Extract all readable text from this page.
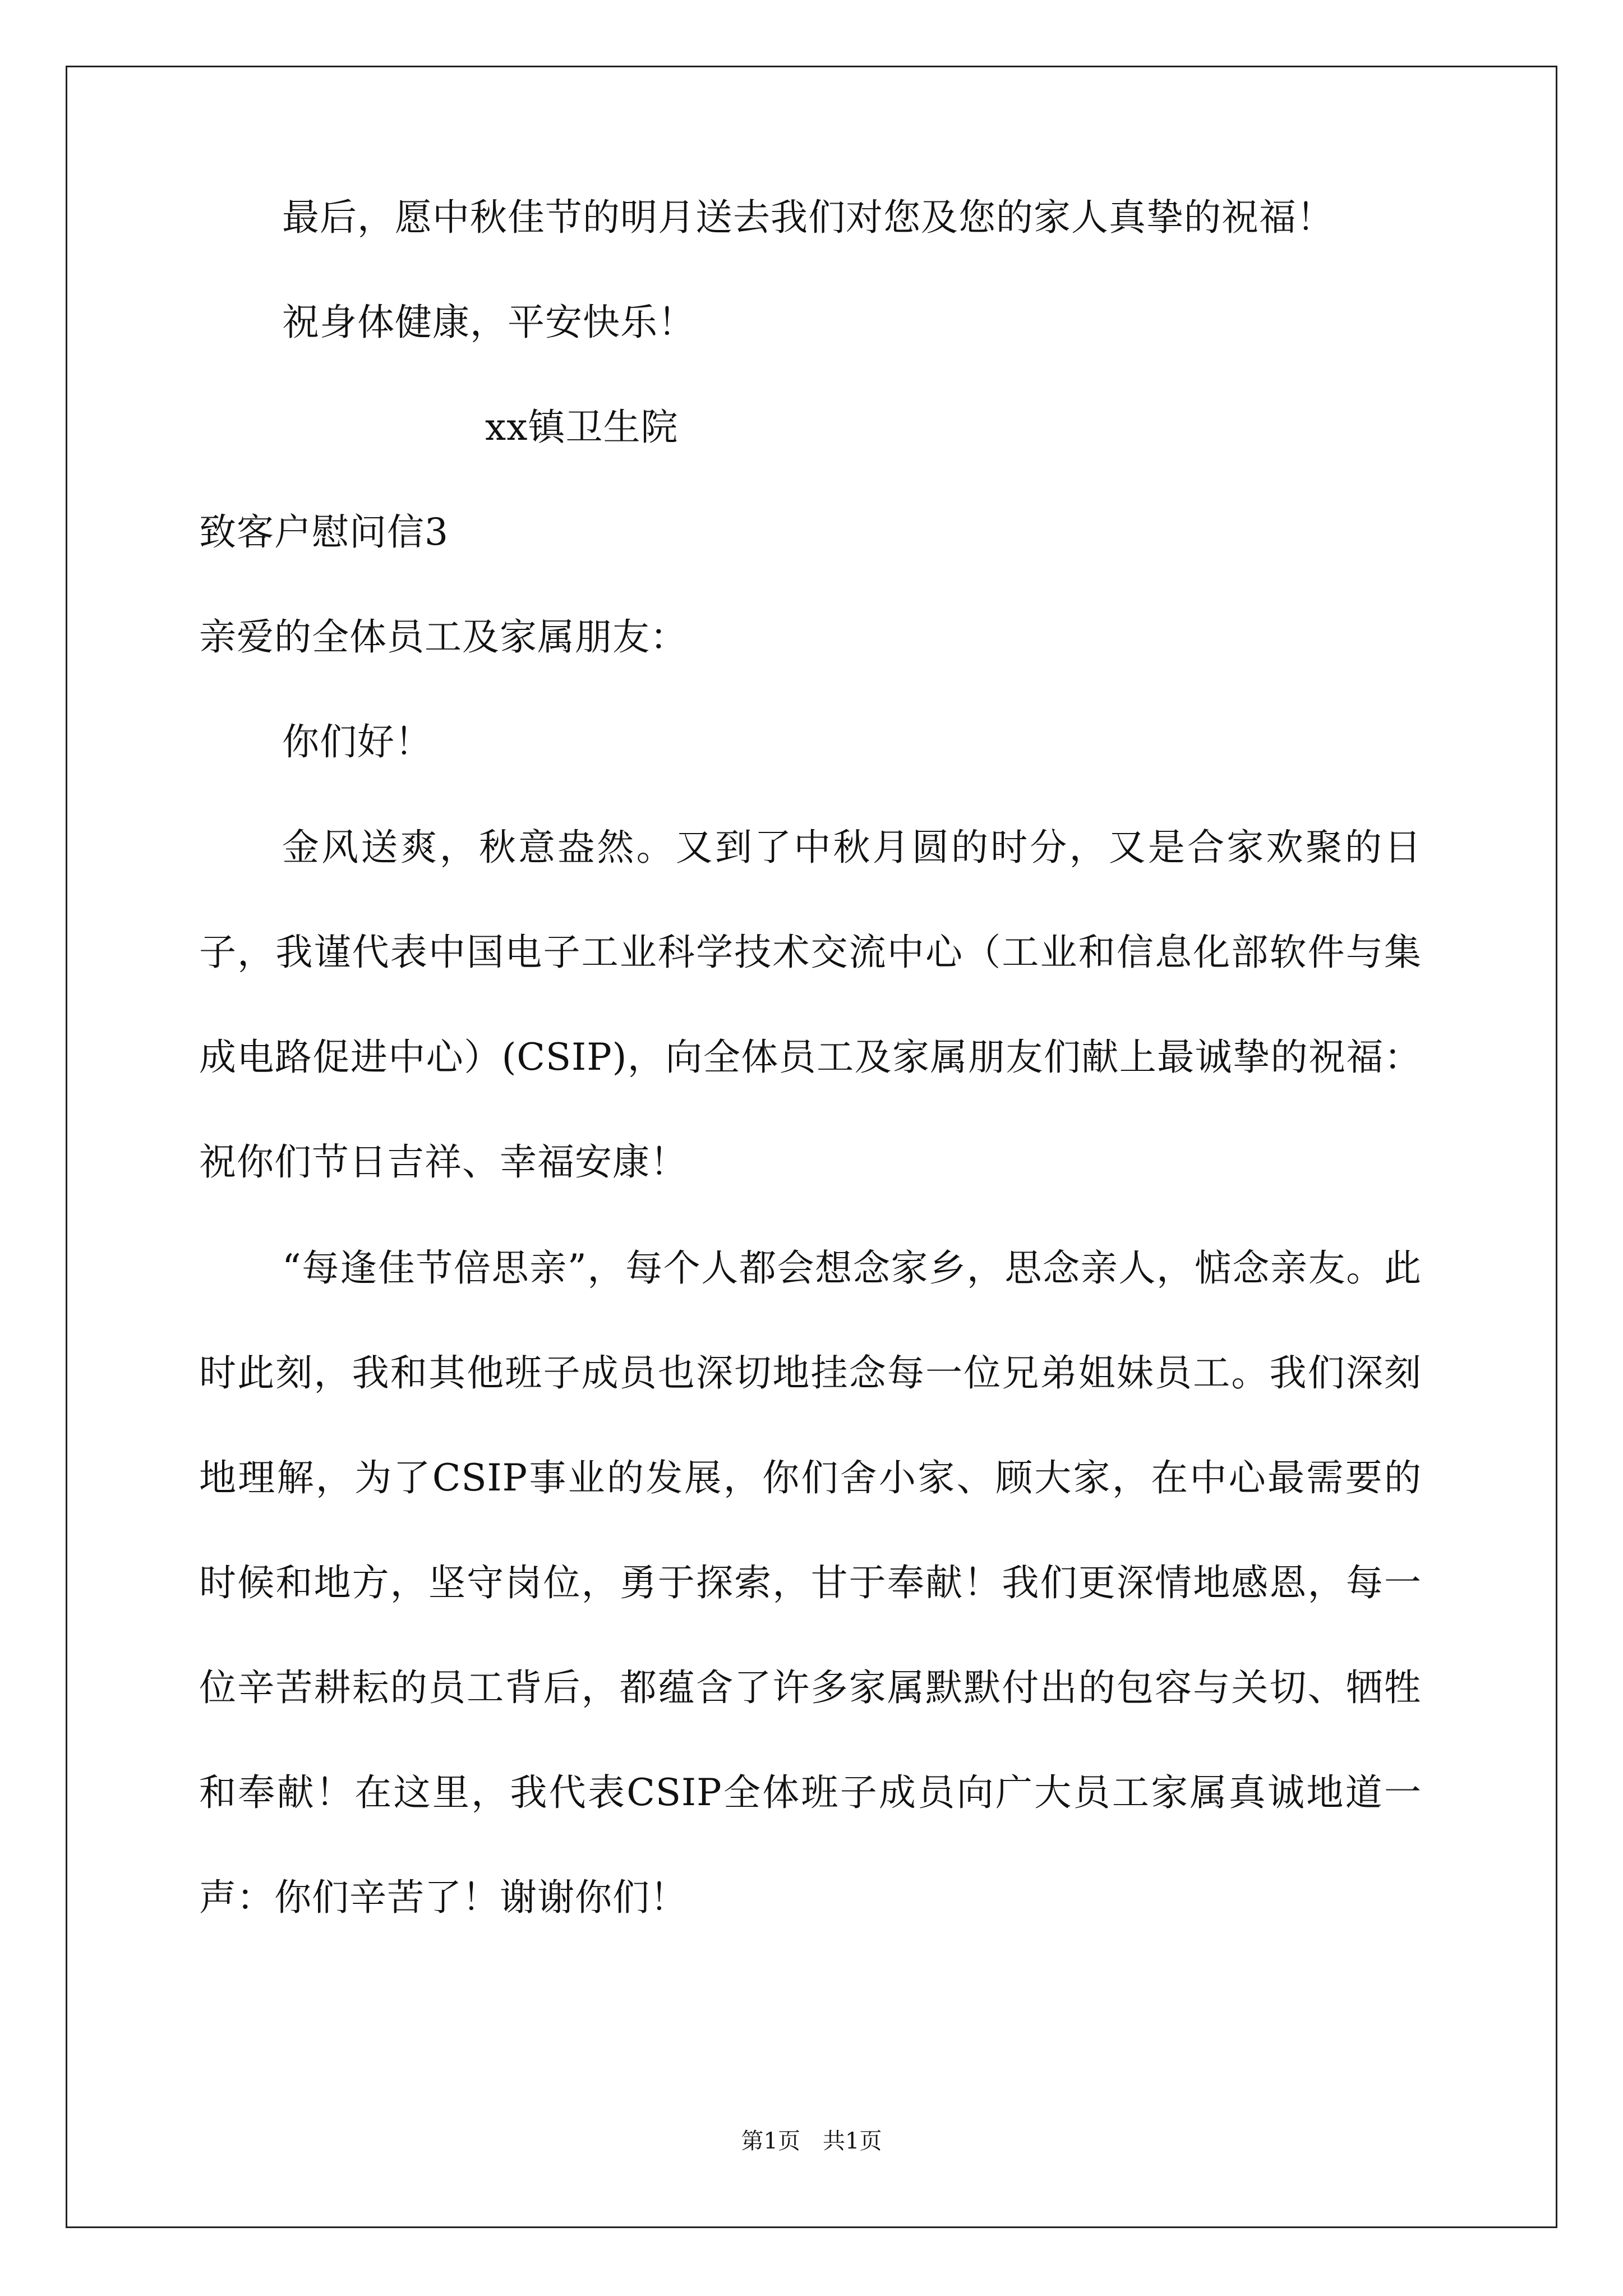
最后，愿中秋佳节的明月送去我们对您及您的家人真挚的祝福！
祝身体健康，平安快乐！
xx镇卫生院
致客户慰问信3
亲爱的全体员工及家属朋友：
你们好！
金风送爽，秋意盎然。又到了中秋月圆的时分，又是合家欢聚的日子，我谨代表中国电子工业科学技术交流中心（工业和信息化部软件与集成电路促进中心）(CSIP)，向全体员工及家属朋友们献上最诚挚的祝福：祝你们节日吉祥、幸福安康！
“每逢佳节倍思亲”，每个人都会想念家乡，思念亲人，惦念亲友。此时此刻，我和其他班子成员也深切地挂念每一位兄弟姐妹员工。我们深刻地理解，为了CSIP事业的发展，你们舍小家、顾大家，在中心最需要的时候和地方，坚守岗位，勇于探索，甘于奉献！我们更深情地感恩，每一位辛苦耕耘的员工背后，都蕴含了许多家属默默付出的包容与关切、牺牲和奉献！在这里，我代表CSIP全体班子成员向广大员工家属真诚地道一声：你们辛苦了！谢谢你们！
第1页　共1页
